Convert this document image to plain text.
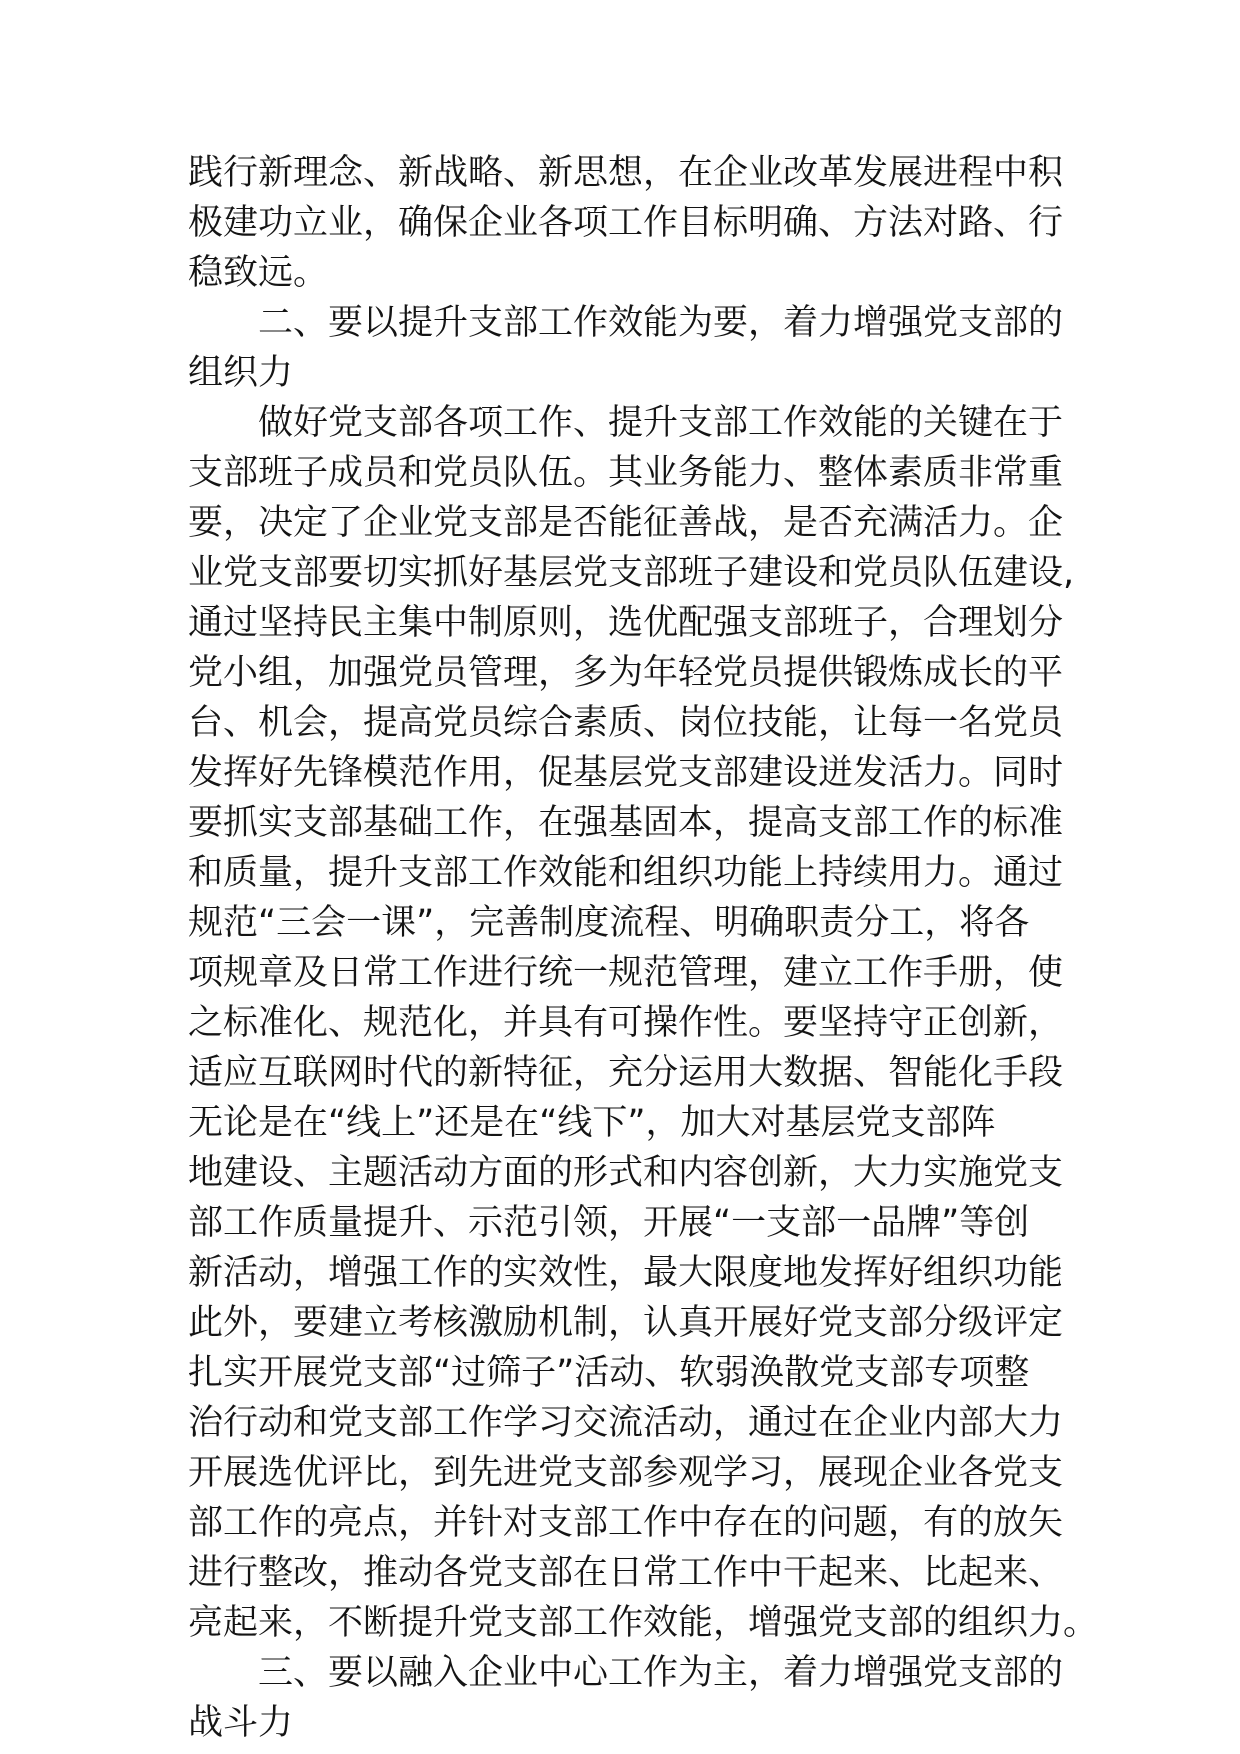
践行新理念、新战略、新思想，在企业改革发展进程中积
极建功立业，确保企业各项工作目标明确、方法对路、行
稳致远。
二、要以提升支部工作效能为要，着力增强党支部的
组织力
做好党支部各项工作、提升支部工作效能的关键在于
支部班子成员和党员队伍。其业务能力、整体素质非常重
要，决定了企业党支部是否能征善战，是否充满活力。企
业党支部要切实抓好基层党支部班子建设和党员队伍建设,
通过坚持民主集中制原则，选优配强支部班子，合理划分
党小组，加强党员管理，多为年轻党员提供锻炼成长的平
台、机会，提高党员综合素质、岗位技能，让每一名党员
发挥好先锋模范作用，促基层党支部建设迸发活力。同时
要抓实支部基础工作，在强基固本，提高支部工作的标准
和质量，提升支部工作效能和组织功能上持续用力。通过
规范“三会一课”，完善制度流程、明确职责分工，将各
项规章及日常工作进行统一规范管理，建立工作手册，使
之标准化、规范化，并具有可操作性。要坚持守正创新，
适应互联网时代的新特征，充分运用大数据、智能化手段
无论是在“线上”还是在“线下”，加大对基层党支部阵
地建设、主题活动方面的形式和内容创新，大力实施党支
部工作质量提升、示范引领，开展“一支部一品牌”等创
新活动，增强工作的实效性，最大限度地发挥好组织功能
此外，要建立考核激励机制，认真开展好党支部分级评定
扎实开展党支部“过筛子”活动、软弱涣散党支部专项整
治行动和党支部工作学习交流活动，通过在企业内部大力
开展选优评比，到先进党支部参观学习，展现企业各党支
部工作的亮点，并针对支部工作中存在的问题，有的放矢
进行整改，推动各党支部在日常工作中干起来、比起来、
亮起来，不断提升党支部工作效能，增强党支部的组织力。
三、要以融入企业中心工作为主，着力增强党支部的
战斗力
